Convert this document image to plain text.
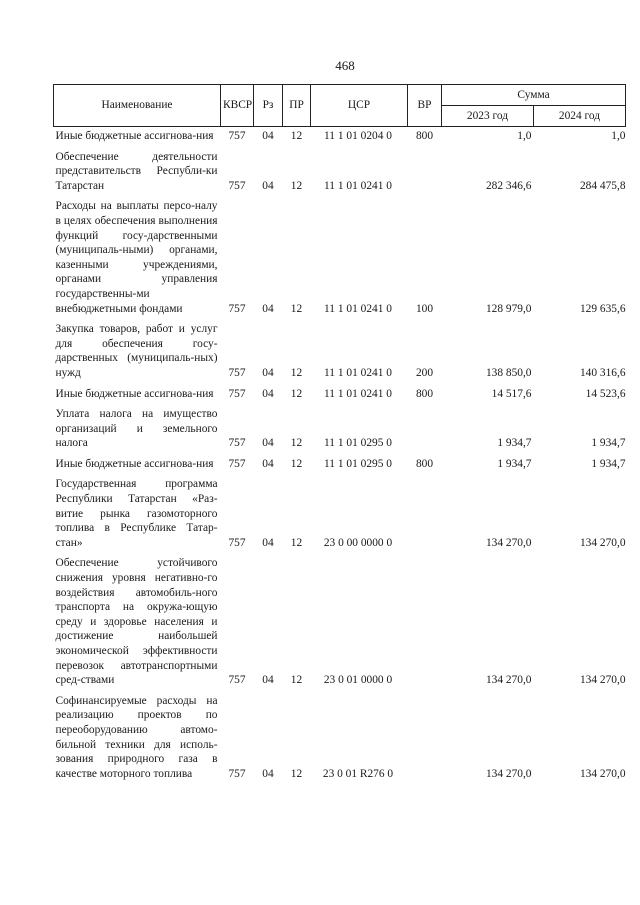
468
Наименование	КВСР	Рз	ПР	ЦСР	ВР	Сумма	
						2023 год	2024 год
Иные бюджетные ассигнова-ния	757	04	12	11 1 01 0204 0	800	1,0	1,0
Обеспечение деятельности представительств Республи-ки Татарстан	757	04	12	11 1 01 0241 0		282 346,6	284 475,8
Расходы на выплаты персо-налу в целях обеспечения выполнения функций госу-дарственными (муниципаль-ными) органами, казенными учреждениями, органами управления государственны-ми внебюджетными фондами	757	04	12	11 1 01 0241 0	100	128 979,0	129 635,6
Закупка товаров, работ и услуг для обеспечения госу-дарственных (муниципаль-ных) нужд	757	04	12	11 1 01 0241 0	200	138 850,0	140 316,6
Иные бюджетные ассигнова-ния	757	04	12	11 1 01 0241 0	800	14 517,6	14 523,6
Уплата налога на имущество организаций и земельного налога	757	04	12	11 1 01 0295 0		1 934,7	1 934,7
Иные бюджетные ассигнова-ния	757	04	12	11 1 01 0295 0	800	1 934,7	1 934,7
Государственная программа Республики Татарстан «Раз-витие рынка газомоторного топлива в Республике Татар-стан»	757	04	12	23 0 00 0000 0		134 270,0	134 270,0
Обеспечение устойчивого снижения уровня негативно-го воздействия автомобиль-ного транспорта на окружа-ющую среду и здоровье населения и достижение наибольшей экономической эффективности перевозок автотранспортными сред-ствами	757	04	12	23 0 01 0000 0		134 270,0	134 270,0
Софинансируемые расходы на реализацию проектов по переоборудованию автомо-бильной техники для исполь-зования природного газа в качестве моторного топлива	757	04	12	23 0 01 R276 0		134 270,0	134 270,0
